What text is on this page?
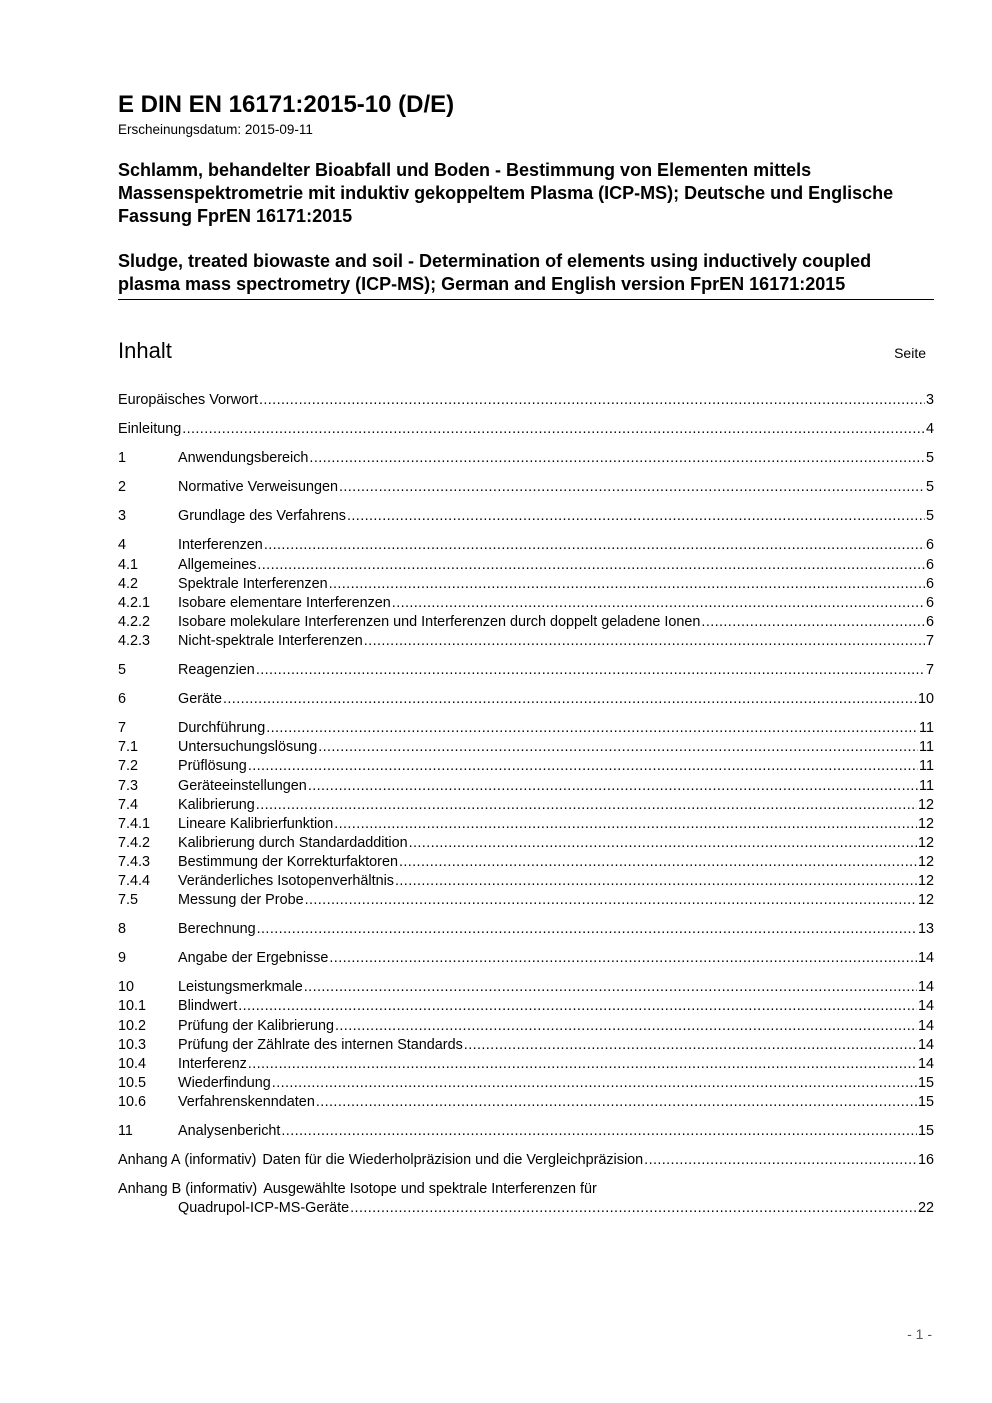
E DIN EN 16171:2015-10 (D/E)

Erscheinungsdatum: 2015-09-11

Schlamm, behandelter Bioabfall und Boden - Bestimmung von Elementen mittels Massenspektrometrie mit induktiv gekoppeltem Plasma (ICP-MS); Deutsche und Englische Fassung FprEN 16171:2015

Sludge, treated biowaste and soil - Determination of elements using inductively coupled plasma mass spectrometry (ICP-MS); German and English version FprEN 16171:2015

Inhalt	Seite
Europäisches Vorwort .....	3
Einleitung .....	4
1	Anwendungsbereich .....	5
2	Normative Verweisungen .....	5
3	Grundlage des Verfahrens .....	5
4	Interferenzen .....	6
4.1	Allgemeines .....	6
4.2	Spektrale Interferenzen .....	6
4.2.1	Isobare elementare Interferenzen .....	6
4.2.2	Isobare molekulare Interferenzen und Interferenzen durch doppelt geladene Ionen .....	6
4.2.3	Nicht-spektrale Interferenzen .....	7
5	Reagenzien .....	7
6	Geräte .....	10
7	Durchführung .....	11
7.1	Untersuchungslösung .....	11
7.2	Prüflösung .....	11
7.3	Geräteeinstellungen .....	11
7.4	Kalibrierung .....	12
7.4.1	Lineare Kalibrierfunktion .....	12
7.4.2	Kalibrierung durch Standardaddition .....	12
7.4.3	Bestimmung der Korrekturfaktoren .....	12
7.4.4	Veränderliches Isotopenverhältnis .....	12
7.5	Messung der Probe .....	12
8	Berechnung .....	13
9	Angabe der Ergebnisse .....	14
10	Leistungsmerkmale .....	14
10.1	Blindwert .....	14
10.2	Prüfung der Kalibrierung .....	14
10.3	Prüfung der Zählrate des internen Standards .....	14
10.4	Interferenz .....	14
10.5	Wiederfindung .....	15
10.6	Verfahrenskenndaten .....	15
11	Analysenbericht .....	15
Anhang A (informativ) Daten für die Wiederholpräzision und die Vergleichpräzision .....	16
Anhang B (informativ) Ausgewählte Isotope und spektrale Interferenzen für
Quadrupol-ICP-MS-Geräte .....	22
- 1 -
